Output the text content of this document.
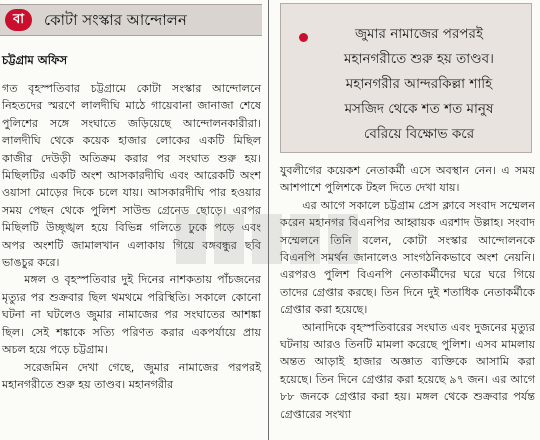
বা	কোটা সংস্কার আন্দোলন
চট্টগ্রাম অফিস

গত বৃহস্পতিবার চট্টগ্রামে কোটা সংস্কার আন্দোলনে নিহতদের স্মরণে লালদীঘি মাঠে গায়েবানা জানাজা শেষে পুলিশের সঙ্গে সংঘাতে জড়িয়েছে আন্দোলনকারীরা। লালদীঘি থেকে কয়েক হাজার লোকের একটি মিছিল কাজীর দেউড়ী অতিক্রম করার পর সংঘাত শুরু হয়। মিছিলটির একটি অংশ আসকারদীঘি এবং আরেকটি অংশ ওয়াসা মোড়ের দিকে চলে যায়। আসকারদীঘি পার হওয়ার সময় পেছন থেকে পুলিশ সাউন্ড গ্রেনেড ছোড়ে। এরপর মিছিলটি উচ্ছৃঙ্খল হয়ে বিভিন্ন গলিতে ঢুকে পড়ে এবং অপর অংশটি জামালখান এলাকায় গিয়ে বঙ্গবন্ধুর ছবি ভাঙচুর করে।

মঙ্গল ও বৃহস্পতিবার দুই দিনের নাশকতায় পাঁচজনের মৃত্যুর পর শুক্রবার ছিল থমথমে পরিস্থিতি। সকালে কোনো ঘটনা না ঘটলেও জুমার নামাজের পর সংঘাতের আশঙ্কা ছিল। সেই শঙ্কাকে সত্যি পরিণত করার একপর্যায়ে প্রায় অচল হয়ে পড়ে চট্টগ্রাম।

সরেজমিন দেখা গেছে, জুমার নামাজের পরপরই মহানগরীতে শুরু হয় তাণ্ডব। মহানগরীর

জুমার নামাজের পরপরই
মহানগরীতে শুরু হয় তাণ্ডব।
মহানগরীর আন্দরকিল্লা শাহি
মসজিদ থেকে শত শত মানুষ
বেরিয়ে বিক্ষোভ করে

যুবলীগের কয়েকশ নেতাকর্মী এসে অবস্থান নেন। এ সময় আশপাশে পুলিশকে টহল দিতে দেখা যায়।

এর আগে সকালে চট্টগ্রাম প্রেস ক্লাবে সংবাদ সম্মেলন করেন মহানগর বিএনপির আহ্বায়ক এরশাদ উল্লাহ। সংবাদ সম্মেলনে তিনি বলেন, কোটা সংস্কার আন্দোলনকে বিএনপি সমর্থন জানালেও সাংগঠনিকভাবে অংশ নেয়নি। এরপরও পুলিশ বিএনপি নেতাকর্মীদের ঘরে ঘরে গিয়ে তাদের গ্রেপ্তার করছে। তিন দিনে দুই শতাধিক নেতাকর্মীকে গ্রেপ্তার করা হয়েছে।

আনাদিকে বৃহস্পতিবারের সংঘাত এবং দুজনের মৃত্যুর ঘটনায় আরও তিনটি মামলা করেছে পুলিশ। এসব মামলায় অন্তত আড়াই হাজার অজ্ঞাত ব্যক্তিকে আসামি করা হয়েছে। তিন দিনে গ্রেপ্তার করা হয়েছে ৯৭ জন। এর আগে ৮৮ জনকে গ্রেপ্তার করা হয়। মঙ্গল থেকে শুক্রবার পর্যন্ত গ্রেপ্তারের সংখ্যা
